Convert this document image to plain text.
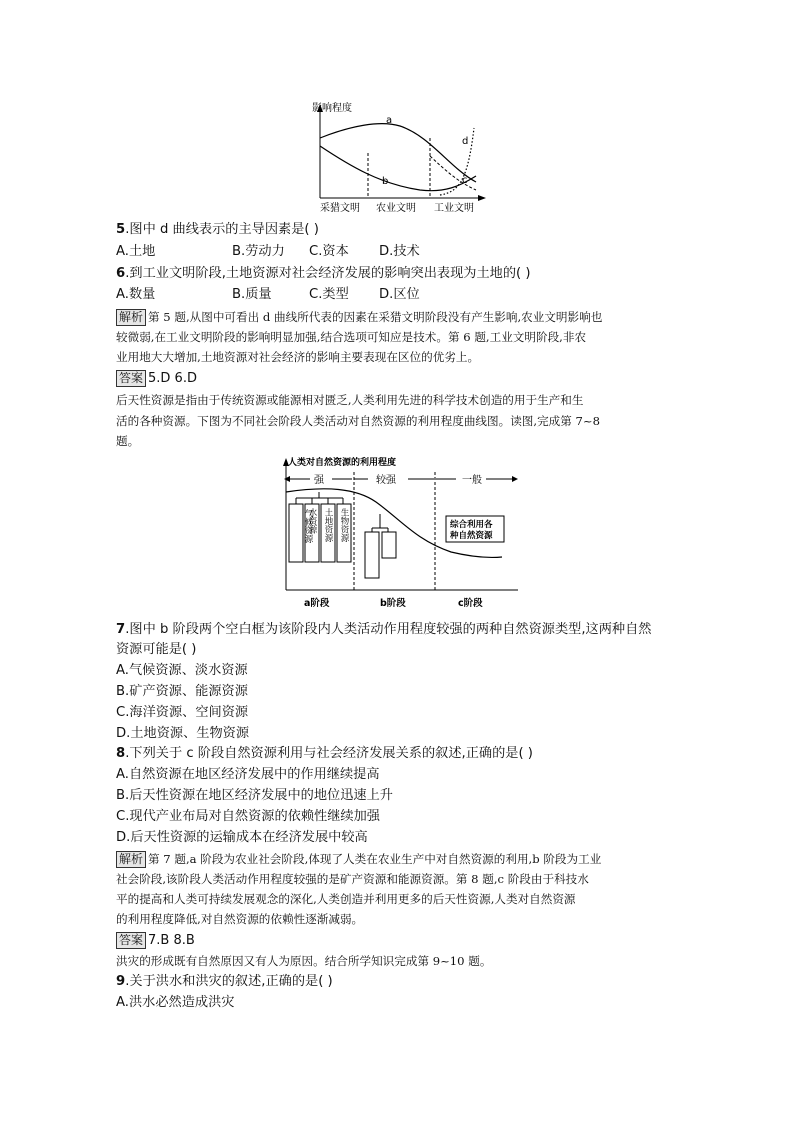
影响程度
a
b	c
d
采猎文明 农业文明 工业文明
5.图中 d 曲线表示的主导因素是( )
A.土地	B.劳动力 C.资本 D.技术
6.到工业文明阶段,土地资源对社会经济发展的影响突出表现为土地的( )
A.数量	B.质量	C.类型 D.区位
解析 第 5 题,从图中可看出 d 曲线所代表的因素在采猎文明阶段没有产生影响,农业文明影响也
较微弱,在工业文明阶段的影响明显加强,结合选项可知应是技术。第 6 题,工业文明阶段,非农
业用地大大增加,土地资源对社会经济的影响主要表现在区位的优劣上。
答案 5.D 6.D
后天性资源是指由于传统资源或能源相对匮乏,人类利用先进的科学技术创造的用于生产和生
活的各种资源。下图为不同社会阶段人类活动对自然资源的利用程度曲线图。读图,完成第 7~8
题。
人类对自然资源的利用程度
强	较强	一般
气候资源
水资源 土地资源 生物资源	综合利用各
种自然资源
a阶段	b阶段	c阶段
7.图中 b 阶段两个空白框为该阶段内人类活动作用程度较强的两种自然资源类型,这两种自然
资源可能是( )
A.气候资源、淡水资源
B.矿产资源、能源资源
C.海洋资源、空间资源
D.土地资源、生物资源
8.下列关于 c 阶段自然资源利用与社会经济发展关系的叙述,正确的是( )
A.自然资源在地区经济发展中的作用继续提高
B.后天性资源在地区经济发展中的地位迅速上升
C.现代产业布局对自然资源的依赖性继续加强
D.后天性资源的运输成本在经济发展中较高
解析 第 7 题,a 阶段为农业社会阶段,体现了人类在农业生产中对自然资源的利用,b 阶段为工业
社会阶段,该阶段人类活动作用程度较强的是矿产资源和能源资源。第 8 题,c 阶段由于科技水
平的提高和人类可持续发展观念的深化,人类创造并利用更多的后天性资源,人类对自然资源
的利用程度降低,对自然资源的依赖性逐渐减弱。
答案 7.B 8.B
洪灾的形成既有自然原因又有人为原因。结合所学知识完成第 9~10 题。
9.关于洪水和洪灾的叙述,正确的是( )
A.洪水必然造成洪灾
